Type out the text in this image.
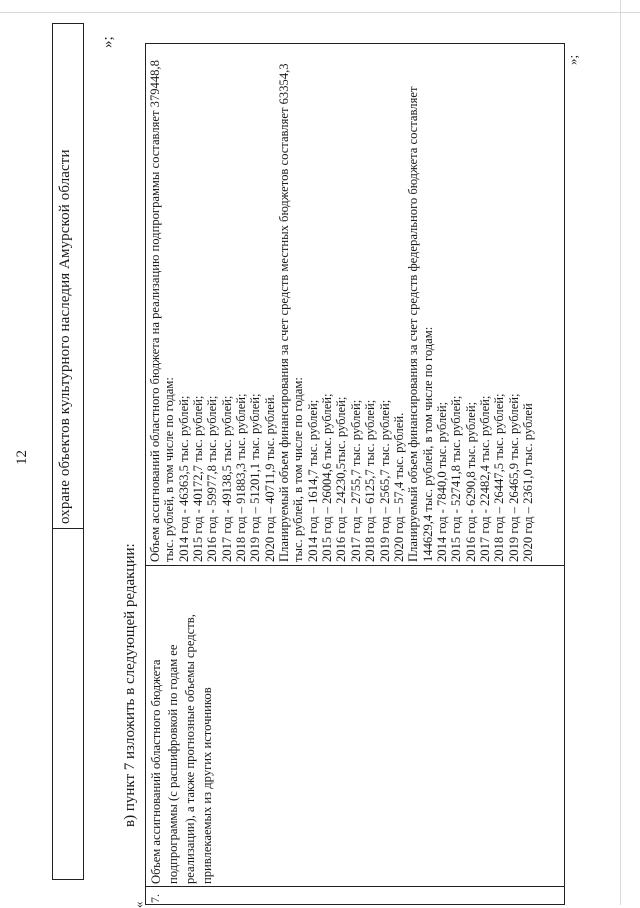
12 охране объектов культурного наследия Амурской области
»;
в) пункт 7 изложить в следующей редакции:
«
7.
Объем ассигнований областного бюджета подпрограммы (с расшифровкой по годам ее реализации), а также прогнозные объемы средств, привлекаемых из других источников
Объем ассигнований областного бюджета на реализацию подпрограммы составляет 379448,8 тыс. рублей, в том числе по годам: 2014 год - 46363,5 тыс. рублей; 2015 год - 40172,7 тыс. рублей; 2016 год - 59977,8 тыс. рублей; 2017 год - 49138,5 тыс. рублей; 2018 год – 91883,3 тыс. рублей; 2019 год – 51201,1 тыс. рублей; 2020 год – 40711,9 тыс. рублей. Планируемый объем финансирования за счет средств местных бюджетов составляет 63354,3 тыс. рублей, в том числе по годам: 2014 год – 1614,7 тыс. рублей; 2015 год – 26004,6 тыс. рублей; 2016 год – 24230,5тыс. рублей; 2017 год – 2755,7 тыс. рублей; 2018 год – 6125,7 тыс. рублей; 2019 год – 2565,7 тыс. рублей; 2020 год – 57,4 тыс. рублей. Планируемый объем финансирования за счет средств федерального бюджета составляет 144629,4 тыс. рублей, в том числе по годам: 2014 год - 7840,0 тыс. рублей; 2015 год - 52741,8 тыс. рублей; 2016 год - 6290,8 тыс. рублей; 2017 год - 22482,4 тыс. рублей; 2018 год – 26447,5 тыс. рублей; 2019 год – 26465,9 тыс. рублей; 2020 год – 2361,0 тыс. рублей
»;
